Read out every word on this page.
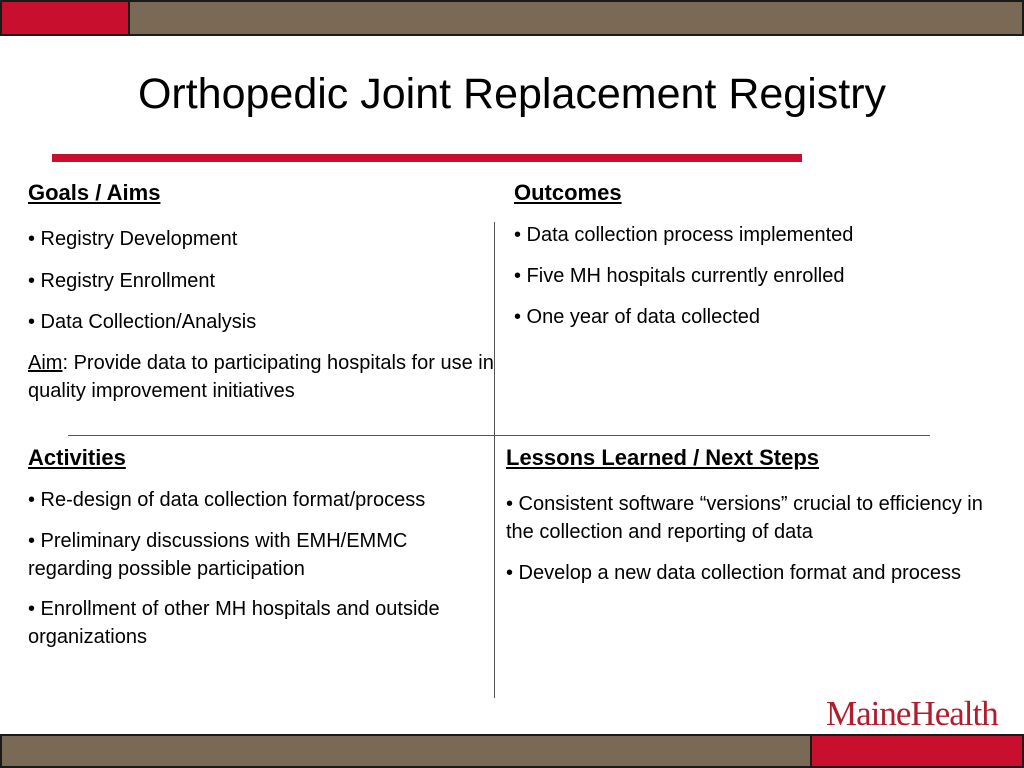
Orthopedic Joint Replacement Registry
Goals / Aims
• Registry Development
• Registry Enrollment
• Data Collection/Analysis
Aim: Provide data to participating hospitals for use in quality improvement initiatives
Outcomes
• Data collection process implemented
• Five MH hospitals currently enrolled
• One year of data collected
Activities
• Re-design of data collection format/process
• Preliminary discussions with EMH/EMMC regarding possible participation
• Enrollment of other MH hospitals and outside organizations
Lessons Learned / Next Steps
• Consistent software “versions” crucial to efficiency in the collection and reporting of data
• Develop a new data collection format and process
MaineHealth
